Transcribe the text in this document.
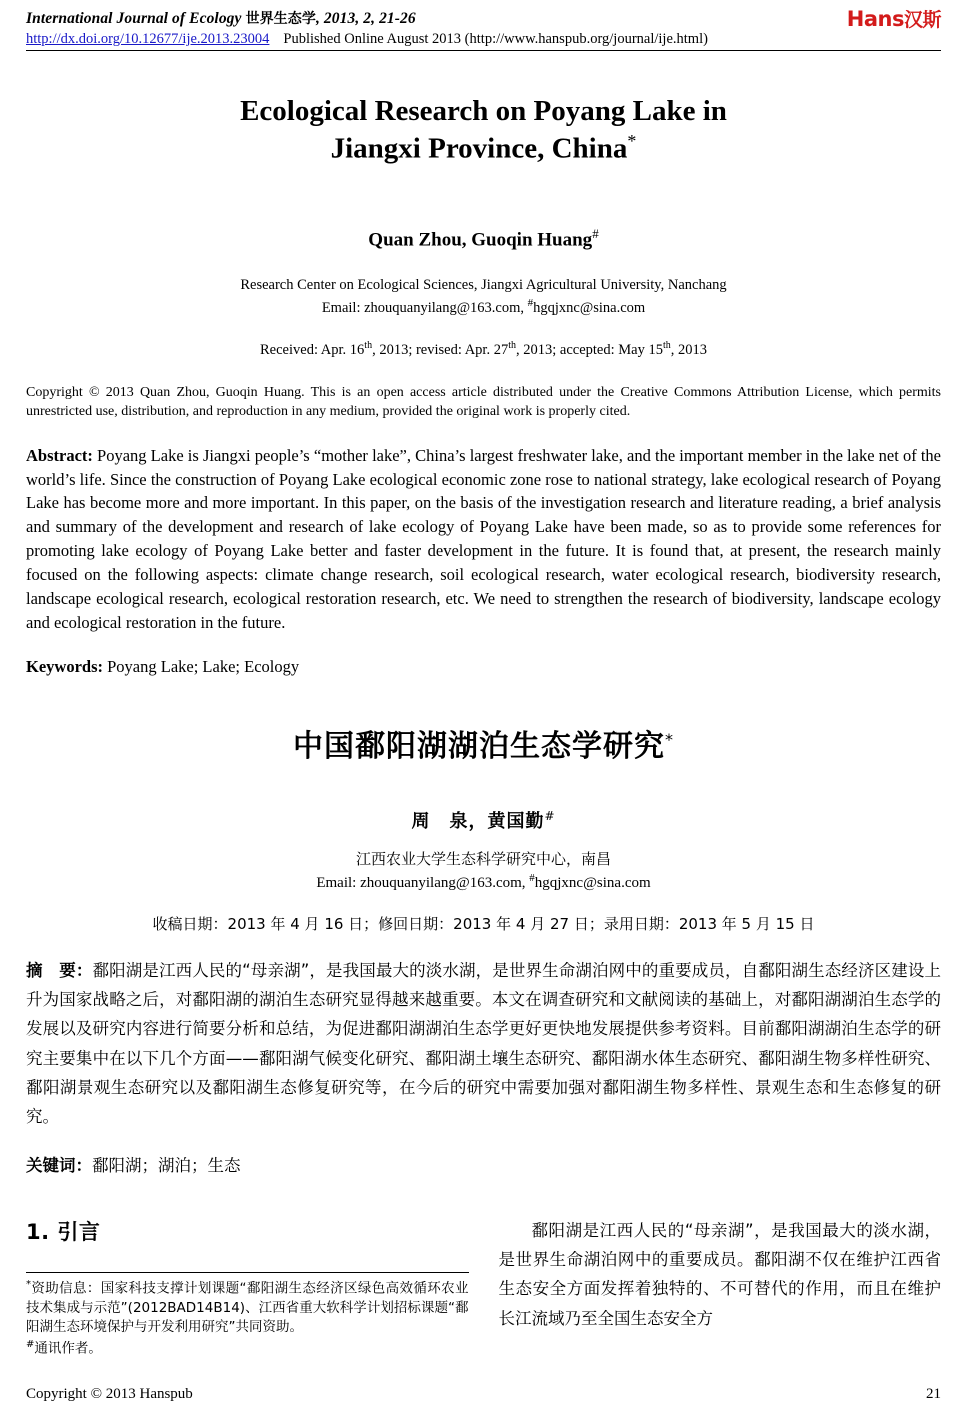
International Journal of Ecology 世界生态学, 2013, 2, 21-26
http://dx.doi.org/10.12677/ije.2013.23004 Published Online August 2013 (http://www.hanspub.org/journal/ije.html)
Hans汉斯
Ecological Research on Poyang Lake in
Jiangxi Province, China*
Quan Zhou, Guoqin Huang#
Research Center on Ecological Sciences, Jiangxi Agricultural University, Nanchang
Email: zhouquanyilang@163.com, #hgqjxnc@sina.com
Received: Apr. 16th, 2013; revised: Apr. 27th, 2013; accepted: May 15th, 2013
Copyright © 2013 Quan Zhou, Guoqin Huang. This is an open access article distributed under the Creative Commons Attribution License, which permits unrestricted use, distribution, and reproduction in any medium, provided the original work is properly cited.
Abstract: Poyang Lake is Jiangxi people’s “mother lake”, China’s largest freshwater lake, and the important member in the lake net of the world’s life. Since the construction of Poyang Lake ecological economic zone rose to national strategy, lake ecological research of Poyang Lake has become more and more important. In this paper, on the basis of the investigation research and literature reading, a brief analysis and summary of the development and research of lake ecology of Poyang Lake have been made, so as to provide some references for promoting lake ecology of Poyang Lake better and faster development in the future. It is found that, at present, the research mainly focused on the following aspects: climate change research, soil ecological research, water ecological research, biodiversity research, landscape ecological research, ecological restoration research, etc. We need to strengthen the research of biodiversity, landscape ecology and ecological restoration in the future.
Keywords: Poyang Lake; Lake; Ecology
中国鄱阳湖湖泊生态学研究*
周　泉，黄国勤#
江西农业大学生态科学研究中心，南昌
Email: zhouquanyilang@163.com, #hgqjxnc@sina.com
收稿日期：2013 年 4 月 16 日；修回日期：2013 年 4 月 27 日；录用日期：2013 年 5 月 15 日
摘　要：鄱阳湖是江西人民的“母亲湖”，是我国最大的淡水湖，是世界生命湖泊网中的重要成员，自鄱阳湖生态经济区建设上升为国家战略之后，对鄱阳湖的湖泊生态研究显得越来越重要。本文在调查研究和文献阅读的基础上，对鄱阳湖湖泊生态学的发展以及研究内容进行简要分析和总结，为促进鄱阳湖湖泊生态学更好更快地发展提供参考资料。目前鄱阳湖湖泊生态学的研究主要集中在以下几个方面——鄱阳湖气候变化研究、鄱阳湖土壤生态研究、鄱阳湖水体生态研究、鄱阳湖生物多样性研究、鄱阳湖景观生态研究以及鄱阳湖生态修复研究等，在今后的研究中需要加强对鄱阳湖生物多样性、景观生态和生态修复的研究。
关键词：鄱阳湖；湖泊；生态
1. 引言
*资助信息：国家科技支撑计划课题“鄱阳湖生态经济区绿色高效循环农业技术集成与示范”(2012BAD14B14)、江西省重大软科学计划招标课题“鄱阳湖生态环境保护与开发利用研究”共同资助。
#通讯作者。
鄱阳湖是江西人民的“母亲湖”，是我国最大的淡水湖，是世界生命湖泊网中的重要成员。鄱阳湖不仅在维护江西省生态安全方面发挥着独特的、不可替代的作用，而且在维护长江流域乃至全国生态安全方
Copyright © 2013 Hanspub	21
